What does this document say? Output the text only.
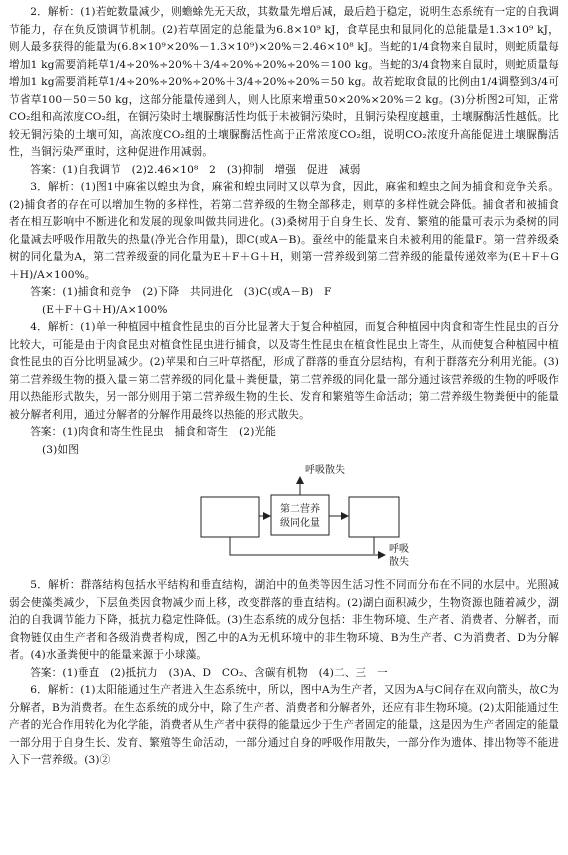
2．解析：(1)若蛇数量减少，则蟾蜍先无天敌，其数量先增后减，最后趋于稳定，说明生态系统有一定的自我调节能力，存在负反馈调节机制。(2)若草固定的总能量为6.8×10⁹ kJ，食草昆虫和鼠同化的总能量是1.3×10⁹ kJ，则人最多获得的能量为(6.8×10⁹×20%－1.3×10⁹)×20%＝2.46×10⁸ kJ。当蛇的1/4食物来自鼠时，则蛇质量每增加1 kg需要消耗草1/4÷20%÷20%＋3/4÷20%÷20%÷20%＝100 kg。当蛇的3/4食物来自鼠时，则蛇质量每增加1 kg需要消耗草1/4÷20%÷20%÷20%＋3/4÷20%÷20%＝50 kg。故若蛇取食鼠的比例由1/4调整到3/4可节省草100－50＝50 kg，这部分能量传递到人，则人比原来增重50×20%×20%＝2 kg。(3)分析图2可知，正常CO₂组和高浓度CO₂组，在铜污染时土壤脲酶活性均低于未被铜污染时，且铜污染程度越重，土壤脲酶活性越低。比较无铜污染的土壤可知，高浓度CO₂组的土壤脲酶活性高于正常浓度CO₂组，说明CO₂浓度升高能促进土壤脲酶活性，当铜污染严重时，这种促进作用减弱。

答案：(1)自我调节　(2)2.46×10⁸　2　(3)抑制　增强　促进　减弱

3．解析：(1)图1中麻雀以蝗虫为食，麻雀和蝗虫同时又以草为食，因此，麻雀和蝗虫之间为捕食和竞争关系。(2)捕食者的存在可以增加生物的多样性，若第二营养级的生物全部移走，则草的多样性就会降低。捕食者和被捕食者在相互影响中不断进化和发展的现象叫做共同进化。(3)桑树用于自身生长、发育、繁殖的能量可表示为桑树的同化量减去呼吸作用散失的热量(净光合作用量)，即C(或A－B)。蚕丝中的能量来自未被利用的能量F。第一营养级桑树的同化量为A，第二营养级蚕的同化量为E＋F＋G＋H，则第一营养级到第二营养级的能量传递效率为(E＋F＋G＋H)/A×100%。

答案：(1)捕食和竞争　(2)下降　共同进化　(3)C(或A－B)　F

(E＋F＋G＋H)/A×100%

4．解析：(1)单一种植园中植食性昆虫的百分比显著大于复合种植园，而复合种植园中肉食和寄生性昆虫的百分比较大，可能是由于肉食昆虫对植食性昆虫进行捕食，以及寄生性昆虫在植食性昆虫上寄生，从而使复合种植园中植食性昆虫的百分比明显减少。(2)苹果和白三叶草搭配，形成了群落的垂直分层结构，有利于群落充分利用光能。(3)第二营养级生物的摄入量＝第二营养级的同化量＋粪便量，第二营养级的同化量一部分通过该营养级的生物的呼吸作用以热能形式散失，另一部分则用于第二营养级生物的生长、发育和繁殖等生命活动；第二营养级生物粪便中的能量被分解者利用，通过分解者的分解作用最终以热能的形式散失。

答案：(1)肉食和寄生性昆虫　捕食和寄生　(2)光能

(3)如图

第二营养
级同化量
呼吸散失
呼吸
散失

5．解析：群落结构包括水平结构和垂直结构，湖泊中的鱼类等因生活习性不同而分布在不同的水层中。光照减弱会使藻类减少，下层鱼类因食物减少而上移，改变群落的垂直结构。(2)湖白面积减少，生物资源也随着减少，湖泊的自我调节能力下降，抵抗力稳定性降低。(3)生态系统的成分包括：非生物环境、生产者、消费者、分解者，而食物链仅由生产者和各级消费者构成，图乙中的A为无机环境中的非生物环境、B为生产者、C为消费者、D为分解者。(4)水蚤粪便中的能量来源于小球藻。

答案：(1)垂直　(2)抵抗力　(3)A、D　CO₂、含碳有机物　(4)二、三　一

6．解析：(1)太阳能通过生产者进入生态系统中，所以，图中A为生产者，又因为A与C间存在双向箭头，故C为分解者，B为消费者。在生态系统的成分中，除了生产者、消费者和分解者外，还应有非生物环境。(2)太阳能通过生产者的光合作用转化为化学能，消费者从生产者中获得的能量远少于生产者固定的能量，这是因为生产者固定的能量一部分用于自身生长、发育、繁殖等生命活动，一部分通过自身的呼吸作用散失，一部分作为遗体、排出物等不能进入下一营养级。(3)②
